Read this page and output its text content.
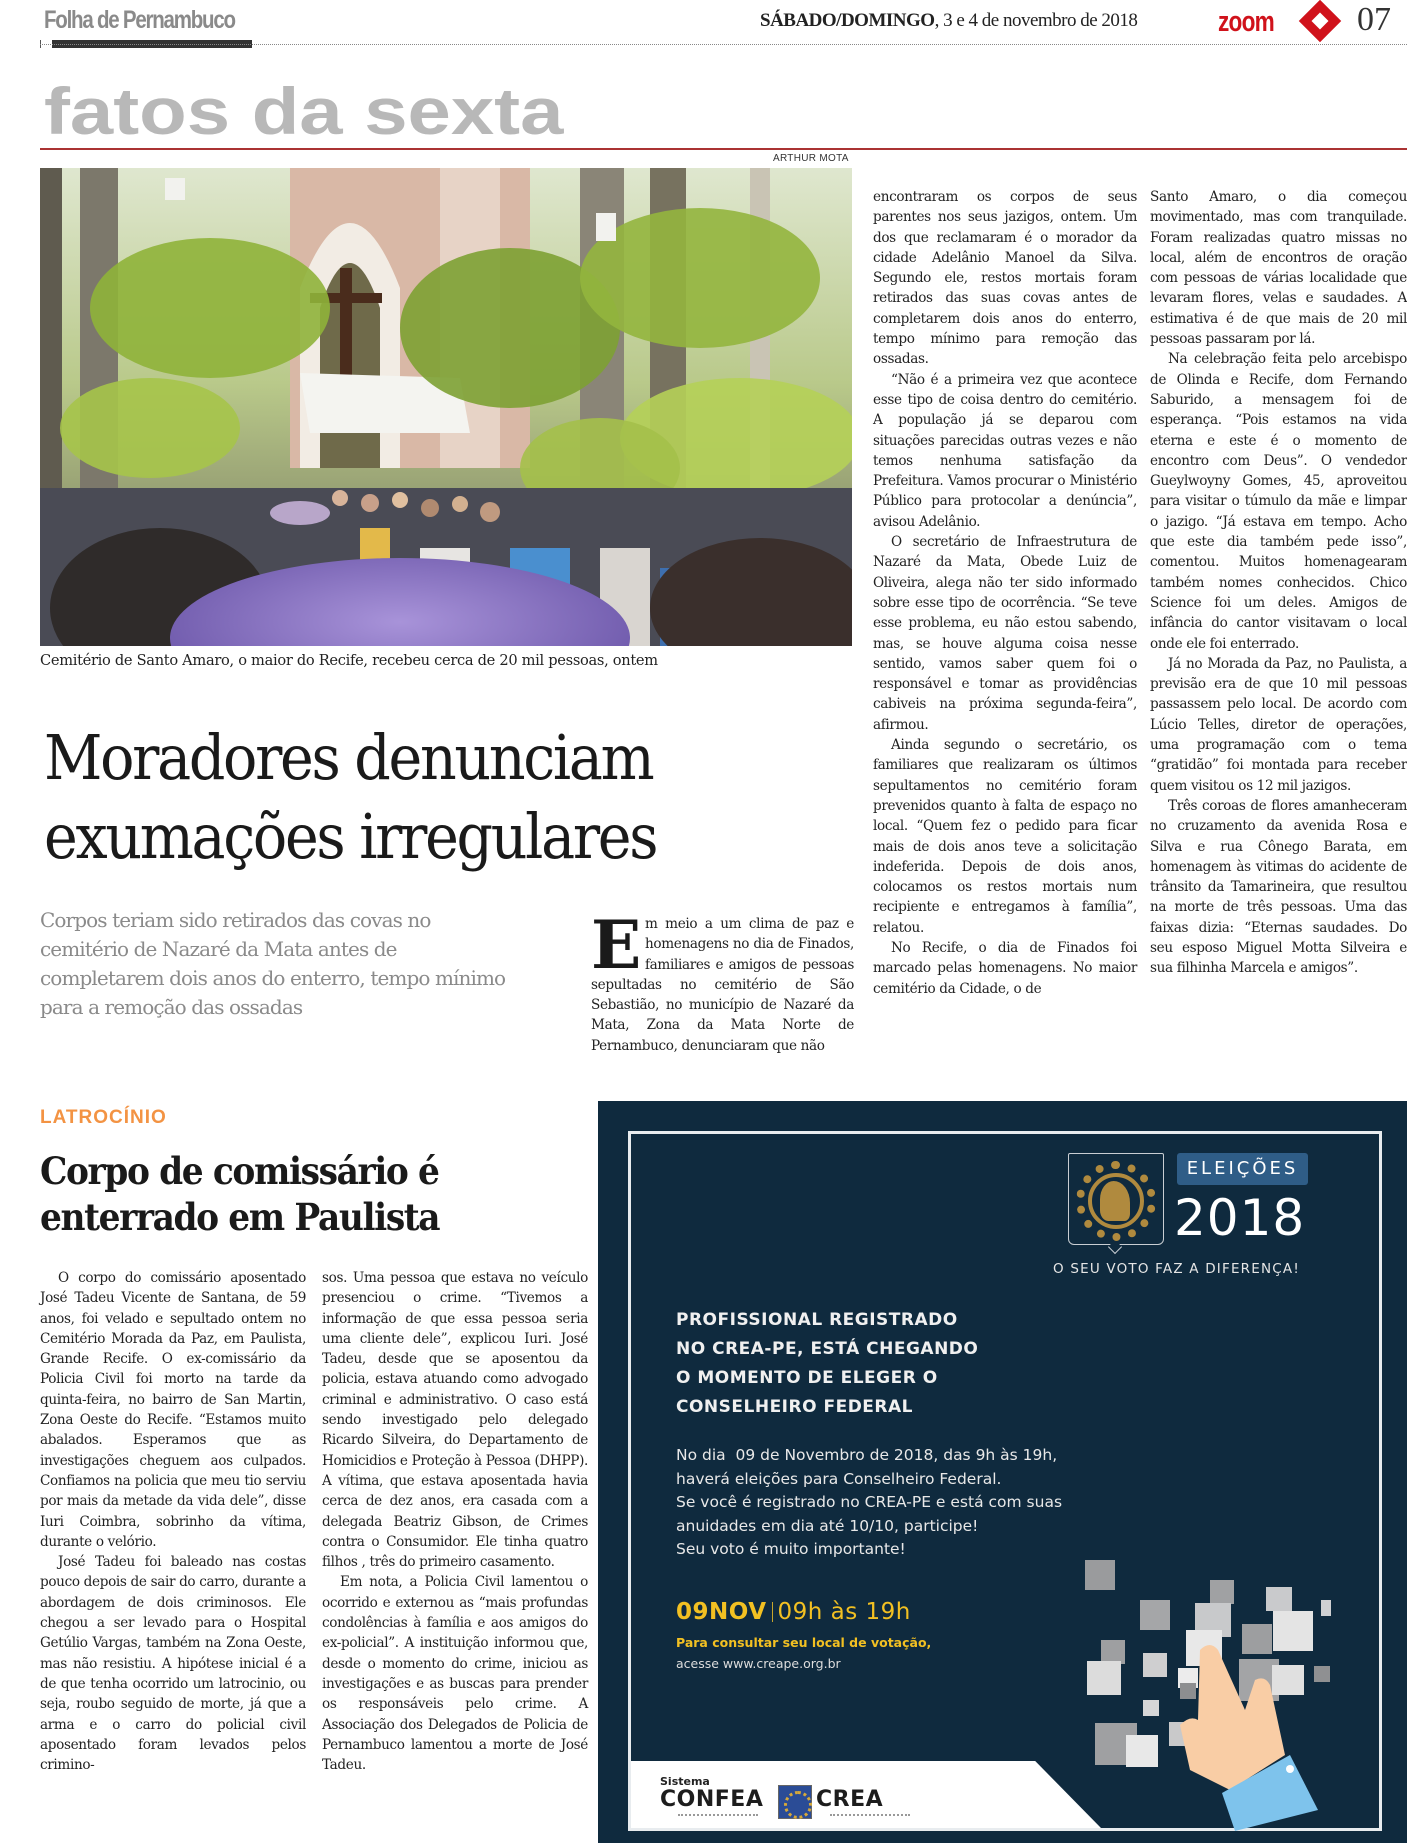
Folha de Pernambuco	SÁBADO/DOMINGO, 3 e 4 de novembro de 2018	zoom 07
fatos da sexta
ARTHUR MOTA
Cemitério de Santo Amaro, o maior do Recife, recebeu cerca de 20 mil pessoas, ontem
Moradores denunciam
exumações irregulares
Corpos teriam sido retirados das covas no cemitério de Nazaré da Mata antes de completarem dois anos do enterro, tempo mínimo para a remoção das ossadas

Em meio a um clima de paz e homenagens no dia de Finados, familiares e amigos de pessoas sepultadas no cemitério de São Sebastião, no município de Nazaré da Mata, Zona da Mata Norte de Pernambuco, denunciaram que não

encontraram os corpos de seus parentes nos seus jazigos, ontem. Um dos que reclamaram é o morador da cidade Adelânio Manoel da Silva. Segundo ele, restos mortais foram retirados das suas covas antes de completarem dois anos do enterro, tempo mínimo para remoção das ossadas.

“Não é a primeira vez que acontece esse tipo de coisa dentro do cemitério. A população já se deparou com situações parecidas outras vezes e não temos nenhuma satisfação da Prefeitura. Vamos procurar o Ministério Público para protocolar a denúncia”, avisou Adelânio.

O secretário de Infraestrutura de Nazaré da Mata, Obede Luiz de Oliveira, alega não ter sido informado sobre esse tipo de ocorrência. “Se teve esse problema, eu não estou sabendo, mas, se houve alguma coisa nesse sentido, vamos saber quem foi o responsável e tomar as providências cabiveis na próxima segunda-feira”, afirmou.

Ainda segundo o secretário, os familiares que realizaram os últimos sepultamentos no cemitério foram prevenidos quanto à falta de espaço no local. “Quem fez o pedido para ficar mais de dois anos teve a solicitação indeferida. Depois de dois anos, colocamos os restos mortais num recipiente e entregamos à família”, relatou.

No Recife, o dia de Finados foi marcado pelas homenagens. No maior cemitério da Cidade, o de

Santo Amaro, o dia começou movimentado, mas com tranquilade. Foram realizadas quatro missas no local, além de encontros de oração com pessoas de várias localidade que levaram flores, velas e saudades. A estimativa é de que mais de 20 mil pessoas passaram por lá.

Na celebração feita pelo arcebispo de Olinda e Recife, dom Fernando Saburido, a mensagem foi de esperança. “Pois estamos na vida eterna e este é o momento de encontro com Deus”. O vendedor Gueylwoyny Gomes, 45, aproveitou para visitar o túmulo da mãe e limpar o jazigo. “Já estava em tempo. Acho que este dia também pede isso”, comentou. Muitos homenagearam também nomes conhecidos. Chico Science foi um deles. Amigos de infância do cantor visitavam o local onde ele foi enterrado.

Já no Morada da Paz, no Paulista, a previsão era de que 10 mil pessoas passassem pelo local. De acordo com Lúcio Telles, diretor de operações, uma programação com o tema “gratidão” foi montada para receber quem visitou os 12 mil jazigos.

Três coroas de flores amanheceram no cruzamento da avenida Rosa e Silva e rua Cônego Barata, em homenagem às vitimas do acidente de trânsito da Tamarineira, que resultou na morte de três pessoas. Uma das faixas dizia: “Eternas saudades. Do seu esposo Miguel Motta Silveira e sua filhinha Marcela e amigos”.

LATROCÍNIO
Corpo de comissário é enterrado em Paulista

O corpo do comissário aposentado José Tadeu Vicente de Santana, de 59 anos, foi velado e sepultado ontem no Cemitério Morada da Paz, em Paulista, Grande Recife. O ex-comissário da Policia Civil foi morto na tarde da quinta-feira, no bairro de San Martin, Zona Oeste do Recife. “Estamos muito abalados. Esperamos que as investigações cheguem aos culpados. Confiamos na policia que meu tio serviu por mais da metade da vida dele”, disse Iuri Coimbra, sobrinho da vítima, durante o velório.

José Tadeu foi baleado nas costas pouco depois de sair do carro, durante a abordagem de dois criminosos. Ele chegou a ser levado para o Hospital Getúlio Vargas, também na Zona Oeste, mas não resistiu. A hipótese inicial é a de que tenha ocorrido um latrocinio, ou seja, roubo seguido de morte, já que a arma e o carro do policial civil aposentado foram levados pelos crimino-

sos. Uma pessoa que estava no veículo presenciou o crime. “Tivemos a informação de que essa pessoa seria uma cliente dele”, explicou Iuri. José Tadeu, desde que se aposentou da policia, estava atuando como advogado criminal e administrativo. O caso está sendo investigado pelo delegado Ricardo Silveira, do Departamento de Homicidios e Proteção à Pessoa (DHPP). A vítima, que estava aposentada havia cerca de dez anos, era casada com a delegada Beatriz Gibson, de Crimes contra o Consumidor. Ele tinha quatro filhos , três do primeiro casamento.

Em nota, a Policia Civil lamentou o ocorrido e externou as “mais profundas condolências à família e aos amigos do ex-policial”. A instituição informou que, desde o momento do crime, iniciou as investigações e as buscas para prender os responsáveis pelo crime. A Associação dos Delegados de Policia de Pernambuco lamentou a morte de José Tadeu.

ELEIÇÕES
2018
O SEU VOTO FAZ A DIFERENÇA!
PROFISSIONAL REGISTRADO
NO CREA-PE, ESTÁ CHEGANDO
O MOMENTO DE ELEGER O
CONSELHEIRO FEDERAL
No dia  09 de Novembro de 2018, das 9h às 19h,
haverá eleições para Conselheiro Federal.
Se você é registrado no CREA-PE e está com suas
anuidades em dia até 10/10, participe!
Seu voto é muito importante!
09NOV 09h às 19h
Para consultar seu local de votação,
acesse www.creape.org.br
Sistema
CONFEA CREA
